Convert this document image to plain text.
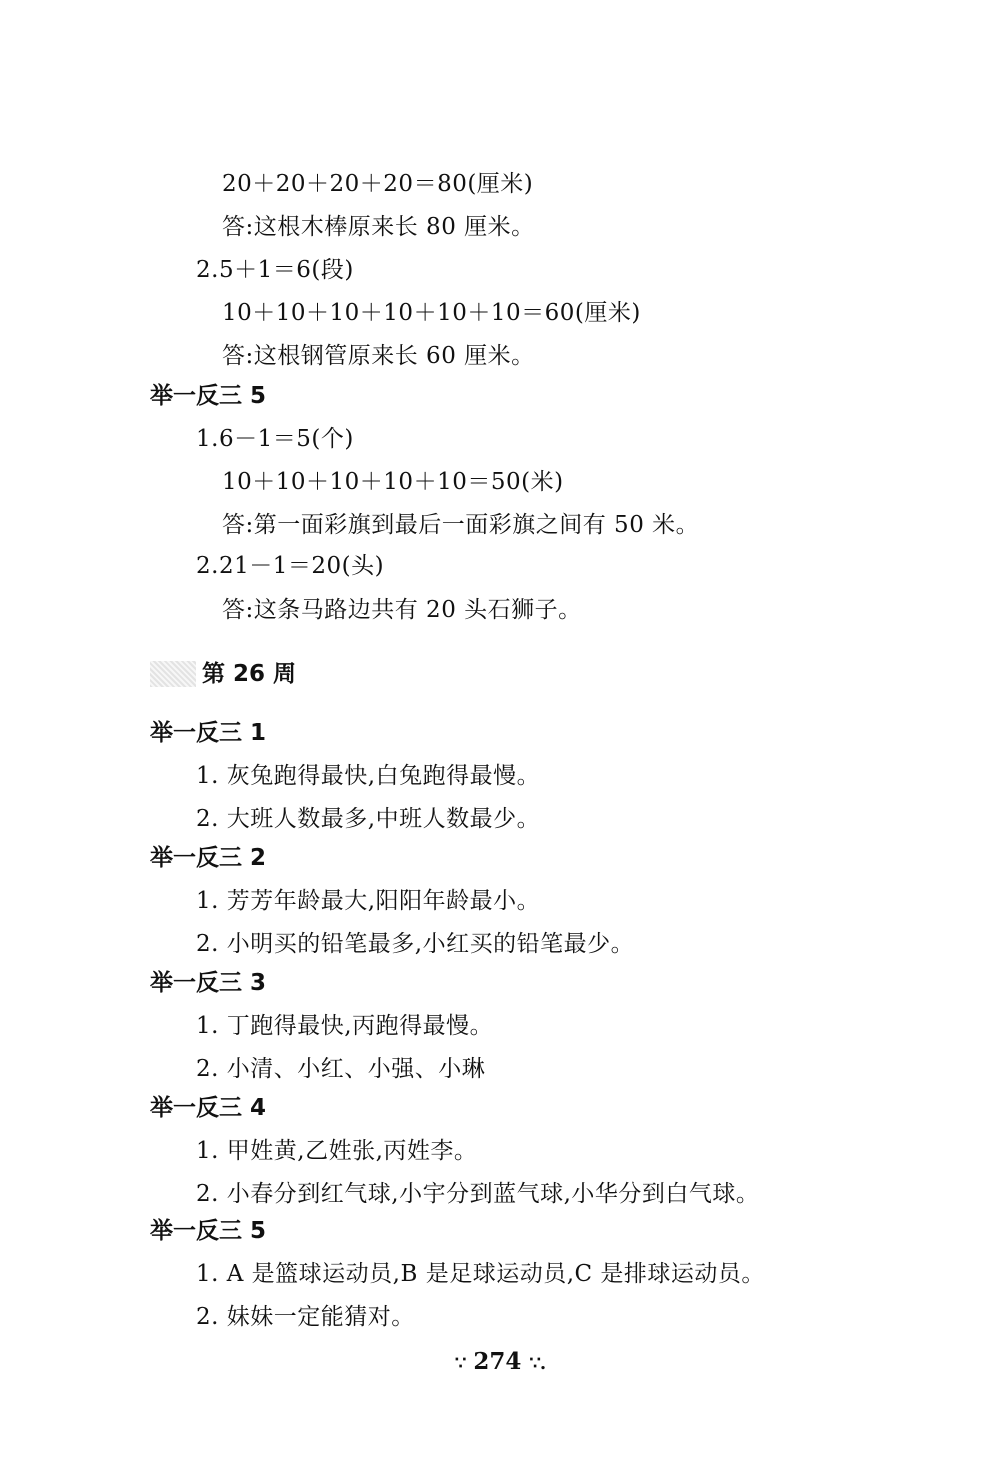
20＋20＋20＋20＝80(厘米)
答:这根木棒原来长 80 厘米。
2.5＋1＝6(段)
10＋10＋10＋10＋10＋10＝60(厘米)
答:这根钢管原来长 60 厘米。
举一反三 5
1.6－1＝5(个)
10＋10＋10＋10＋10＝50(米)
答:第一面彩旗到最后一面彩旗之间有 50 米。
2.21－1＝20(头)
答:这条马路边共有 20 头石狮子。
第 26 周
举一反三 1
1. 灰兔跑得最快,白兔跑得最慢。
2. 大班人数最多,中班人数最少。
举一反三 2
1. 芳芳年龄最大,阳阳年龄最小。
2. 小明买的铅笔最多,小红买的铅笔最少。
举一反三 3
1. 丁跑得最快,丙跑得最慢。
2. 小清、小红、小强、小琳
举一反三 4
1. 甲姓黄,乙姓张,丙姓李。
2. 小春分到红气球,小宇分到蓝气球,小华分到白气球。
举一反三 5
1. A 是篮球运动员,B 是足球运动员,C 是排球运动员。
2. 妹妹一定能猜对。
∵ 274 ∵.
